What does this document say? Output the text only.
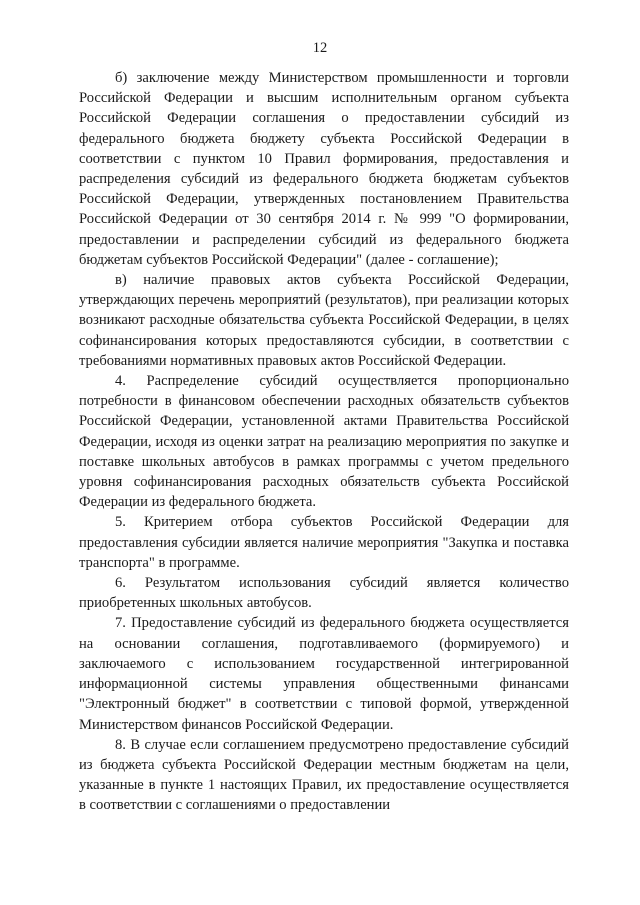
12

б) заключение между Министерством промышленности и торговли Российской Федерации и высшим исполнительным органом субъекта Российской Федерации соглашения о предоставлении субсидий из федерального бюджета бюджету субъекта Российской Федерации в соответствии с пунктом 10 Правил формирования, предоставления и распределения субсидий из федерального бюджета бюджетам субъектов Российской Федерации, утвержденных постановлением Правительства Российской Федерации от 30 сентября 2014 г. № 999 "О формировании, предоставлении и распределении субсидий из федерального бюджета бюджетам субъектов Российской Федерации" (далее - соглашение);

в) наличие правовых актов субъекта Российской Федерации, утверждающих перечень мероприятий (результатов), при реализации которых возникают расходные обязательства субъекта Российской Федерации, в целях софинансирования которых предоставляются субсидии, в соответствии с требованиями нормативных правовых актов Российской Федерации.

4. Распределение субсидий осуществляется пропорционально потребности в финансовом обеспечении расходных обязательств субъектов Российской Федерации, установленной актами Правительства Российской Федерации, исходя из оценки затрат на реализацию мероприятия по закупке и поставке школьных автобусов в рамках программы с учетом предельного уровня софинансирования расходных обязательств субъекта Российской Федерации из федерального бюджета.

5. Критерием отбора субъектов Российской Федерации для предоставления субсидии является наличие мероприятия "Закупка и поставка транспорта" в программе.

6. Результатом использования субсидий является количество приобретенных школьных автобусов.

7. Предоставление субсидий из федерального бюджета осуществляется на основании соглашения, подготавливаемого (формируемого) и заключаемого с использованием государственной интегрированной информационной системы управления общественными финансами "Электронный бюджет" в соответствии с типовой формой, утвержденной Министерством финансов Российской Федерации.

8. В случае если соглашением предусмотрено предоставление субсидий из бюджета субъекта Российской Федерации местным бюджетам на цели, указанные в пункте 1 настоящих Правил, их предоставление осуществляется в соответствии с соглашениями о предоставлении
